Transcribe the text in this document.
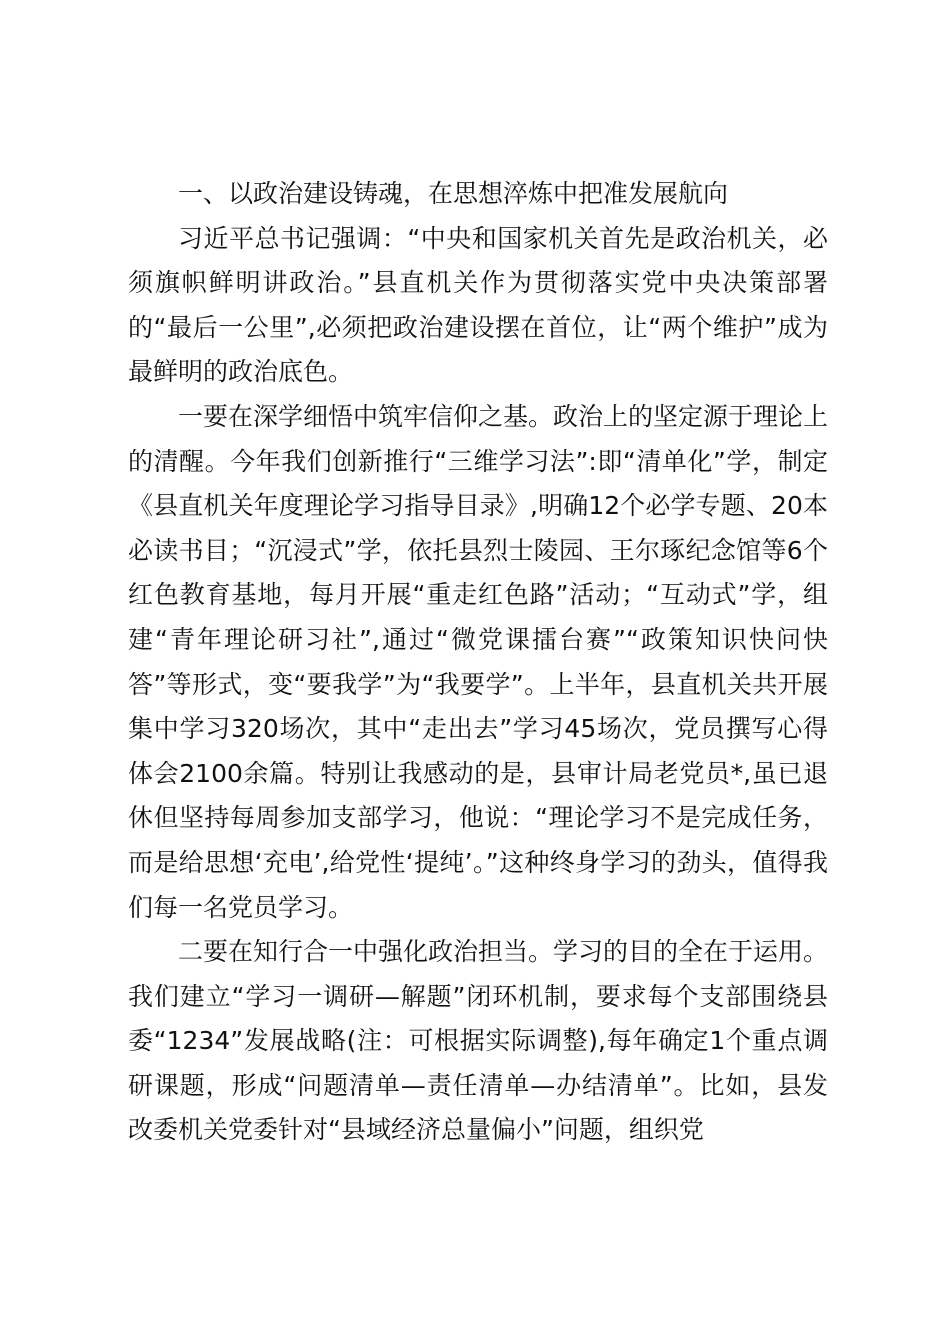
一、以政治建设铸魂，在思想淬炼中把准发展航向

习近平总书记强调：“中央和国家机关首先是政治机关，必须旗帜鲜明讲政治。”县直机关作为贯彻落实党中央决策部署的“最后一公里”,必须把政治建设摆在首位，让“两个维护”成为最鲜明的政治底色。

一要在深学细悟中筑牢信仰之基。政治上的坚定源于理论上的清醒。今年我们创新推行“三维学习法”:即“清单化”学，制定《县直机关年度理论学习指导目录》,明确12个必学专题、20本必读书目；“沉浸式”学，依托县烈士陵园、王尔琢纪念馆等6个红色教育基地，每月开展“重走红色路”活动；“互动式”学，组建“青年理论研习社”,通过“微党课擂台赛”“政策知识快问快答”等形式，变“要我学”为“我要学”。上半年，县直机关共开展集中学习320场次，其中“走出去”学习45场次，党员撰写心得体会2100余篇。特别让我感动的是，县审计局老党员*,虽已退休但坚持每周参加支部学习，他说：“理论学习不是完成任务，而是给思想‘充电’,给党性‘提纯’。”这种终身学习的劲头，值得我们每一名党员学习。

二要在知行合一中强化政治担当。学习的目的全在于运用。我们建立“学习一调研—解题”闭环机制，要求每个支部围绕县委“1234”发展战略(注：可根据实际调整),每年确定1个重点调研课题，形成“问题清单—责任清单—办结清单”。比如，县发改委机关党委针对“县域经济总量偏小”问题，组织党
